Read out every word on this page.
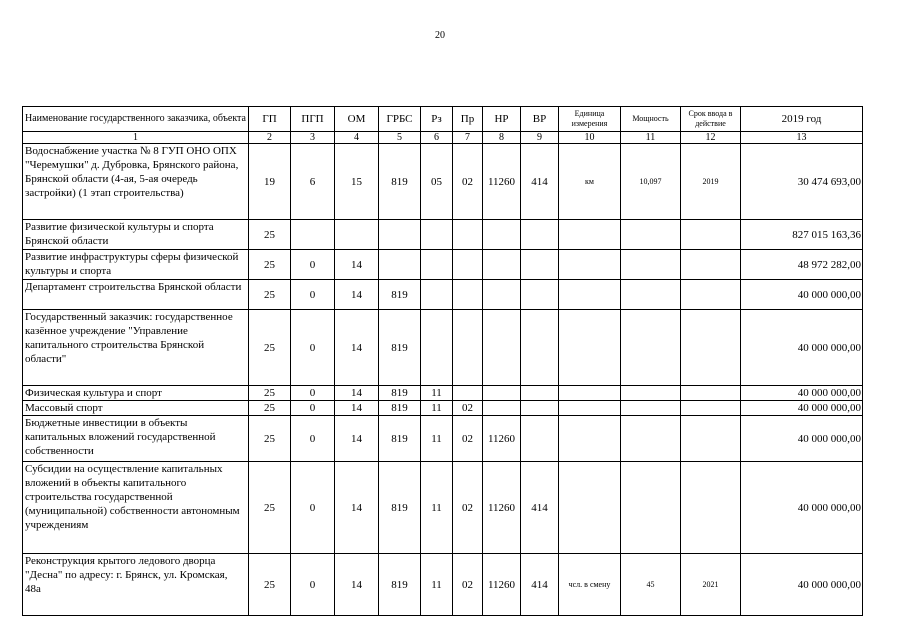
20
Наименование государственного заказчика, объекта	ГП	ПГП	ОМ	ГРБС	Рз	Пр	НР	ВР	Единица измерения	Мощность	Срок ввода в действие	2019 год
1	2	3	4	5	6	7	8	9	10	11	12	13
Водоснабжение участка № 8 ГУП ОНО ОПХ "Черемушки" д. Дубровка, Брянского района, Брянской области (4-ая, 5-ая очередь застройки) (1 этап строительства)	19	6	15	819	05	02	11260	414	км	10,097	2019	30 474 693,00
Развитие физической культуры и спорта Брянской области	25											827 015 163,36
Развитие инфраструктуры сферы физической культуры и спорта	25	0	14									48 972 282,00
Департамент строительства Брянской области	25	0	14	819								40 000 000,00
Государственный заказчик: государственное казённое учреждение "Управление капитального строительства Брянской области"	25	0	14	819								40 000 000,00
Физическая культура и спорт	25	0	14	819	11							40 000 000,00
Массовый спорт	25	0	14	819	11	02						40 000 000,00
Бюджетные инвестиции в объекты капитальных вложений государственной собственности	25	0	14	819	11	02	11260					40 000 000,00
Субсидии на осуществление капитальных вложений в объекты капитального строительства государственной (муниципальной) собственности автономным учреждениям	25	0	14	819	11	02	11260	414				40 000 000,00
Реконструкция крытого ледового дворца "Десна" по адресу: г. Брянск, ул. Кромская, 48а	25	0	14	819	11	02	11260	414	чсл. в смену	45	2021	40 000 000,00
